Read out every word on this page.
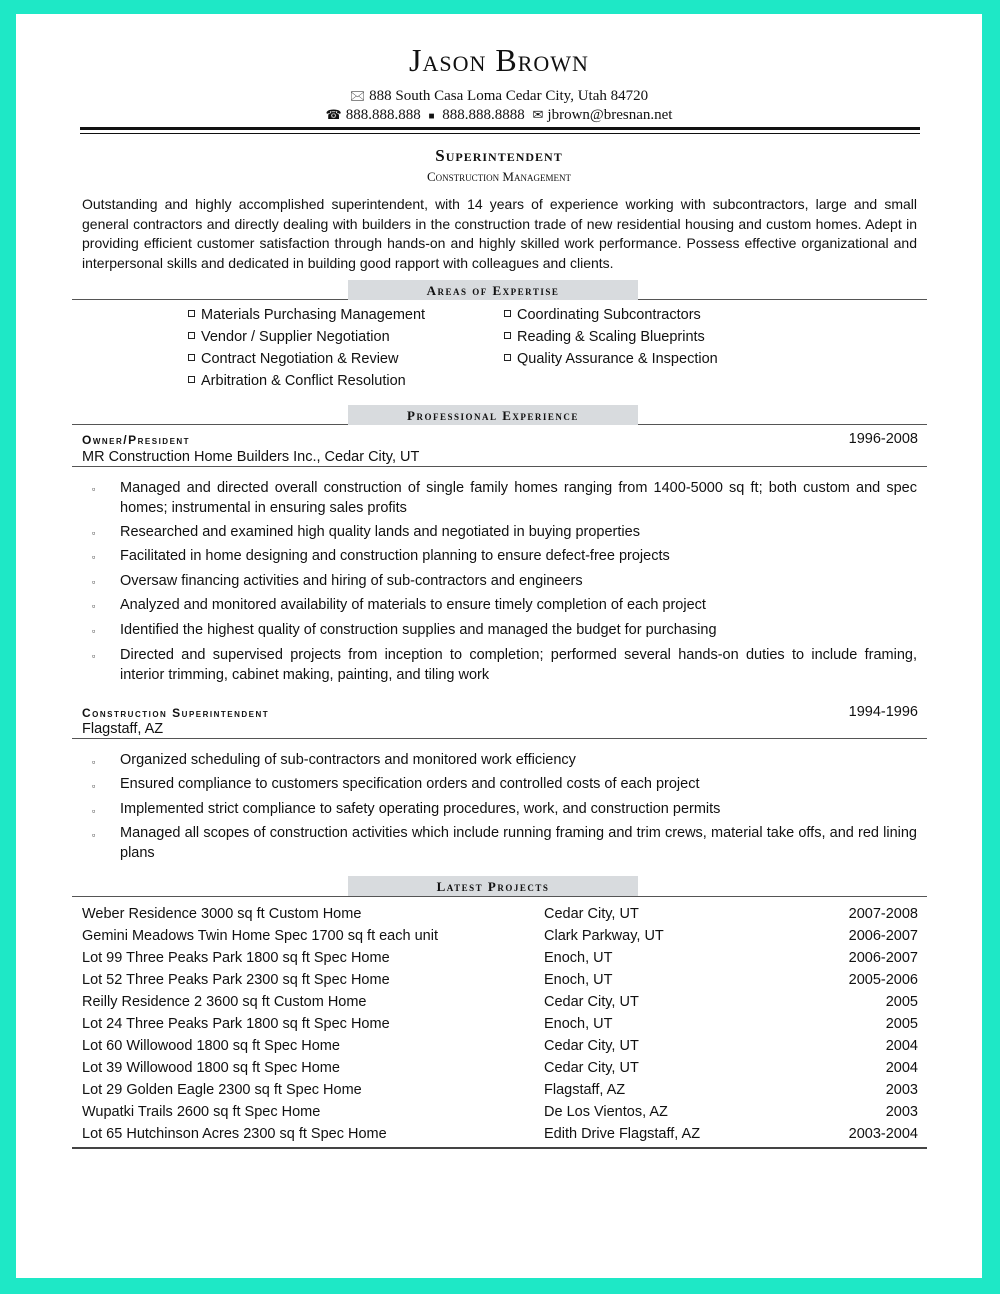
Jason Brown
🖂 888 South Casa Loma Cedar City, Utah 84720
☎ 888.888.888 ■ 888.888.8888 ✉ jbrown@bresnan.net
Superintendent
Construction Management
Outstanding and highly accomplished superintendent, with 14 years of experience working with subcontractors, large and small general contractors and directly dealing with builders in the construction trade of new residential housing and custom homes. Adept in providing efficient customer satisfaction through hands-on and highly skilled work performance. Possess effective organizational and interpersonal skills and dedicated in building good rapport with colleagues and clients.
Areas of Expertise
Materials Purchasing Management
Vendor / Supplier Negotiation
Contract Negotiation & Review
Arbitration & Conflict Resolution
Coordinating Subcontractors
Reading & Scaling Blueprints
Quality Assurance & Inspection
Professional Experience
Owner/President	1996-2008
MR Construction Home Builders Inc., Cedar City, UT
▫ Managed and directed overall construction of single family homes ranging from 1400-5000 sq ft; both custom and spec homes; instrumental in ensuring sales profits
▫ Researched and examined high quality lands and negotiated in buying properties
▫ Facilitated in home designing and construction planning to ensure defect-free projects
▫ Oversaw financing activities and hiring of sub-contractors and engineers
▫ Analyzed and monitored availability of materials to ensure timely completion of each project
▫ Identified the highest quality of construction supplies and managed the budget for purchasing
▫ Directed and supervised projects from inception to completion; performed several hands-on duties to include framing, interior trimming, cabinet making, painting, and tiling work
Construction Superintendent	1994-1996
Flagstaff, AZ
▫ Organized scheduling of sub-contractors and monitored work efficiency
▫ Ensured compliance to customers specification orders and controlled costs of each project
▫ Implemented strict compliance to safety operating procedures, work, and construction permits
▫ Managed all scopes of construction activities which include running framing and trim crews, material take offs, and red lining plans
Latest Projects
Weber Residence 3000 sq ft Custom Home	Cedar City, UT	2007-2008
Gemini Meadows Twin Home Spec 1700 sq ft each unit	Clark Parkway, UT	2006-2007
Lot 99 Three Peaks Park 1800 sq ft Spec Home	Enoch, UT	2006-2007
Lot 52 Three Peaks Park 2300 sq ft Spec Home	Enoch, UT	2005-2006
Reilly Residence 2 3600 sq ft Custom Home	Cedar City, UT	2005
Lot 24 Three Peaks Park 1800 sq ft Spec Home	Enoch, UT	2005
Lot 60 Willowood 1800 sq ft Spec Home	Cedar City, UT	2004
Lot 39 Willowood 1800 sq ft Spec Home	Cedar City, UT	2004
Lot 29 Golden Eagle 2300 sq ft Spec Home	Flagstaff, AZ	2003
Wupatki Trails 2600 sq ft Spec Home	De Los Vientos, AZ	2003
Lot 65 Hutchinson Acres 2300 sq ft Spec Home	Edith Drive Flagstaff, AZ	2003-2004
